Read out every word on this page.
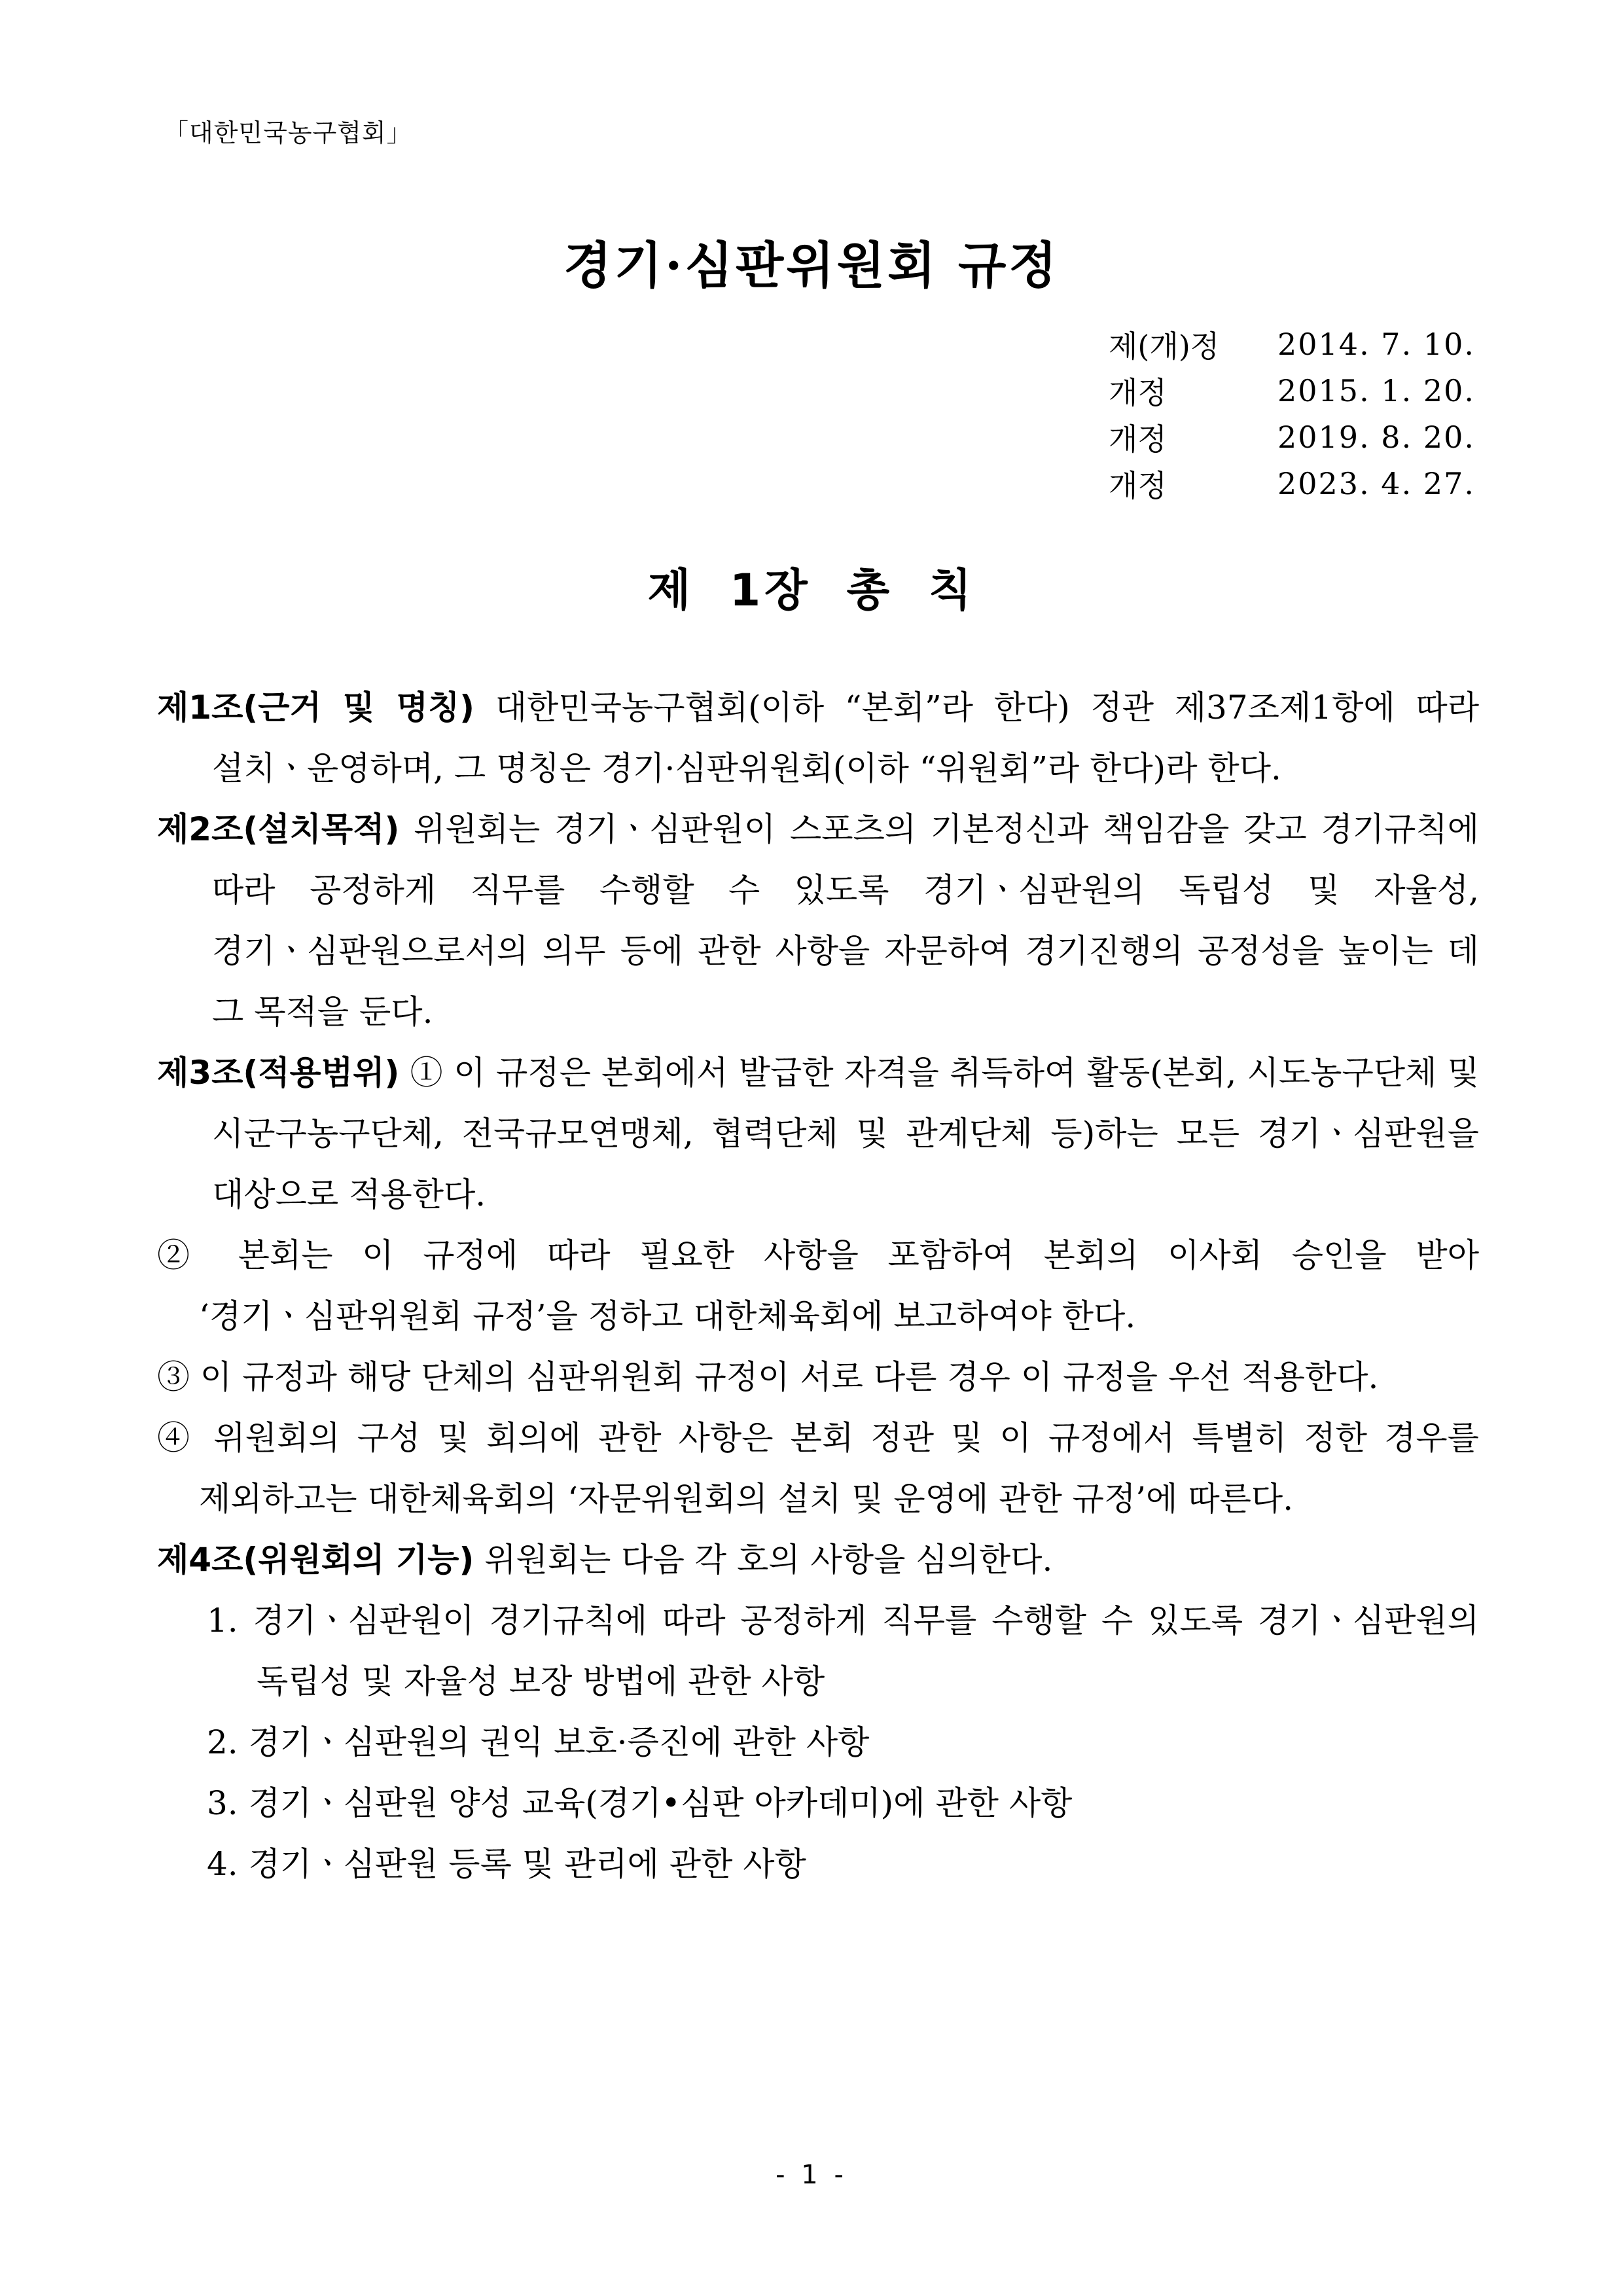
「대한민국농구협회」
경기·심판위원회 규정
제(개)정	2014. 7. 10.
개정	2015. 1. 20.
개정	2019. 8. 20.
개정	2023. 4. 27.
제 1장 총 칙
제1조(근거 및 명칭) 대한민국농구협회(이하 “본회”라 한다) 정관 제37조제1항에 따라 설치ㆍ운영하며, 그 명칭은 경기·심판위원회(이하 “위원회”라 한다)라 한다.
제2조(설치목적) 위원회는 경기ㆍ심판원이 스포츠의 기본정신과 책임감을 갖고 경기규칙에 따라 공정하게 직무를 수행할 수 있도록 경기ㆍ심판원의 독립성 및 자율성, 경기ㆍ심판원으로서의 의무 등에 관한 사항을 자문하여 경기진행의 공정성을 높이는 데 그 목적을 둔다.
제3조(적용범위) ① 이 규정은 본회에서 발급한 자격을 취득하여 활동(본회, 시도농구단체 및 시군구농구단체, 전국규모연맹체, 협력단체 및 관계단체 등)하는 모든 경기ㆍ심판원을 대상으로 적용한다.
② 본회는 이 규정에 따라 필요한 사항을 포함하여 본회의 이사회 승인을 받아 ‘경기ㆍ심판위원회 규정’을 정하고 대한체육회에 보고하여야 한다.
③ 이 규정과 해당 단체의 심판위원회 규정이 서로 다른 경우 이 규정을 우선 적용한다.
④ 위원회의 구성 및 회의에 관한 사항은 본회 정관 및 이 규정에서 특별히 정한 경우를 제외하고는 대한체육회의 ‘자문위원회의 설치 및 운영에 관한 규정’에 따른다.
제4조(위원회의 기능) 위원회는 다음 각 호의 사항을 심의한다.
1. 경기ㆍ심판원이 경기규칙에 따라 공정하게 직무를 수행할 수 있도록 경기ㆍ심판원의 독립성 및 자율성 보장 방법에 관한 사항
2. 경기ㆍ심판원의 권익 보호·증진에 관한 사항
3. 경기ㆍ심판원 양성 교육(경기•심판 아카데미)에 관한 사항
4. 경기ㆍ심판원 등록 및 관리에 관한 사항
- 1 -
